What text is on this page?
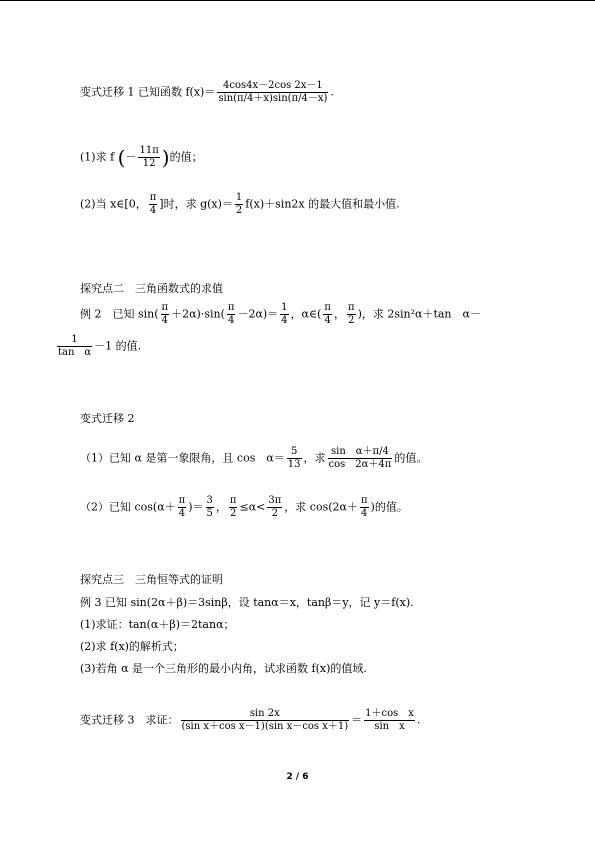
变式迁移 1 已知函数 $f(x)= \frac{4\cos 4x-2\cos 2x-1}{\sin(\pi/4+x)\sin(\pi/4-x)}$ .
(1)求 f (－ $\frac{11\pi}{12}$ )的值；
(2)当 x∈[0， $\frac{\pi}{4}$ ]时，求 $g(x)= \frac{1}{2} f(x)+\sin 2x$ 的最大值和最小值.
探究点二　三角函数式的求值
例 2　已知 $\sin( \frac{\pi}{4} +2\alpha)\cdot\sin( \frac{\pi}{4} -2\alpha)= \frac{1}{4}$ ，α∈( $\frac{\pi}{4}$ ， $\frac{\pi}{2}$ )，求 2sin²α＋tan　α－
$\frac{1}{\text{tan　α}} -1$ 的值.
变式迁移 2
（1）已知 α 是第一象限角，且 cos　$\alpha= \frac{5}{13}$ ，求 $\frac{\text{sin　α＋π/4}}{\cos 2\alpha+4\pi}$ 的值。
（2）已知 $\cos(\alpha+ \frac{\pi}{4}$ )＝ $\frac{3}{5}$ ， $\frac{\pi}{2} \le\alpha< \frac{3\pi}{2}$ ，求 $\cos(2\alpha+ \frac{\pi}{4}$ )的值。
探究点三　三角恒等式的证明
例 3 已知 sin(2α＋β)＝3sinβ，设 tanα＝x，tanβ＝y，记 y＝f(x).
(1)求证：tan(α＋β)＝2tanα；
(2)求 f(x)的解析式；
(3)若角 α 是一个三角形的最小内角，试求函数 f(x)的值域.
变式迁移 3　求证： $\frac{\sin 2x}{\text{(sin x＋cos x－1)(sin x－cos x＋1)}} = \frac{\text{1＋cos　x}}{\text{sin　x}}$ .
2 / 6
